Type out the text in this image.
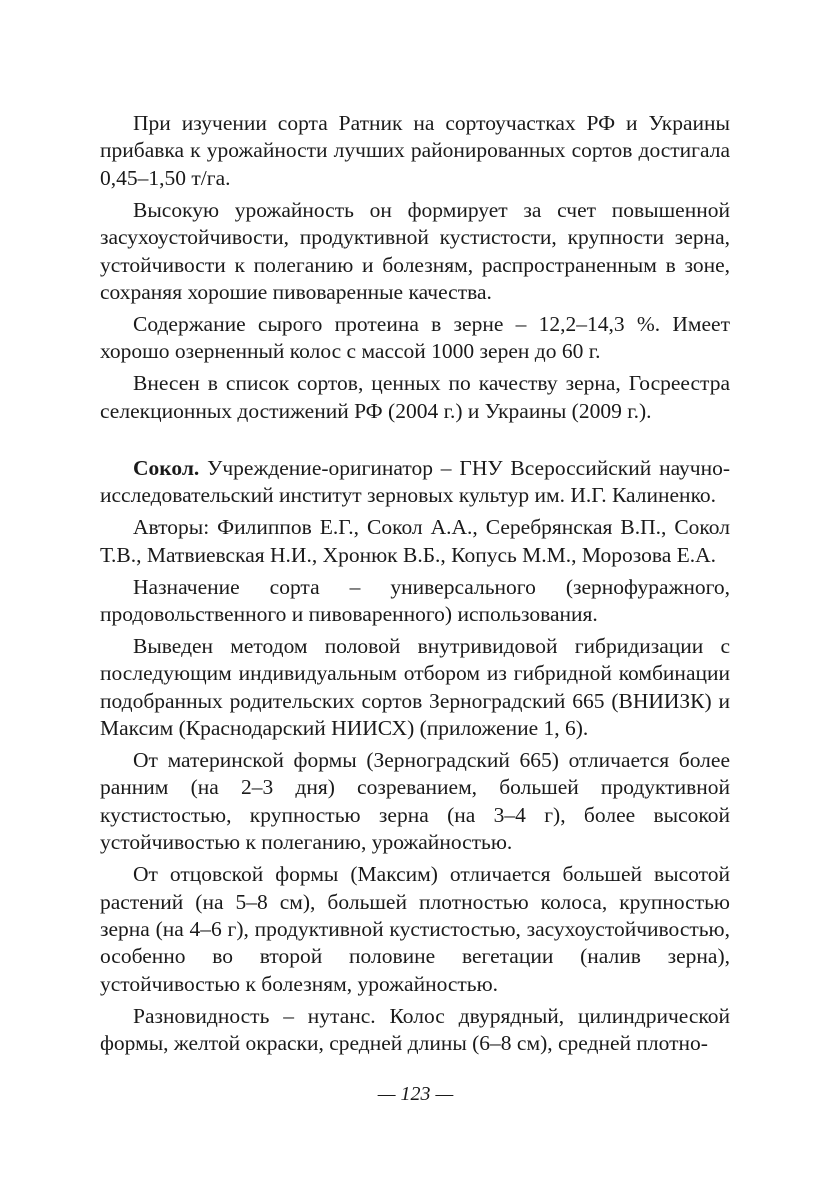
При изучении сорта Ратник на сортоучастках РФ и Украины прибавка к урожайности лучших районированных сортов достигала 0,45–1,50 т/га.

Высокую урожайность он формирует за счет повышенной засухоустойчивости, продуктивной кустистости, крупности зерна, устойчивости к полеганию и болезням, распространенным в зоне, сохраняя хорошие пивоваренные качества.

Содержание сырого протеина в зерне – 12,2–14,3 %. Имеет хорошо озерненный колос с массой 1000 зерен до 60 г.

Внесен в список сортов, ценных по качеству зерна, Госреестра селекционных достижений РФ (2004 г.) и Украины (2009 г.).

Сокол. Учреждение-оригинатор – ГНУ Всероссийский научно-исследовательский институт зерновых культур им. И.Г. Калиненко.

Авторы: Филиппов Е.Г., Сокол А.А., Серебрянская В.П., Сокол Т.В., Матвиевская Н.И., Хронюк В.Б., Копусь М.М., Морозова Е.А.

Назначение сорта – универсального (зернофуражного, продовольственного и пивоваренного) использования.

Выведен методом половой внутривидовой гибридизации с последующим индивидуальным отбором из гибридной комбинации подобранных родительских сортов Зерноградский 665 (ВНИИЗК) и Максим (Краснодарский НИИСХ) (приложение 1, 6).

От материнской формы (Зерноградский 665) отличается более ранним (на 2–3 дня) созреванием, большей продуктивной кустистостью, крупностью зерна (на 3–4 г), более высокой устойчивостью к полеганию, урожайностью.

От отцовской формы (Максим) отличается большей высотой растений (на 5–8 см), большей плотностью колоса, крупностью зерна (на 4–6 г), продуктивной кустистостью, засухоустойчивостью, особенно во второй половине вегетации (налив зерна), устойчивостью к болезням, урожайностью.

Разновидность – нутанс. Колос двурядный, цилиндрической формы, желтой окраски, средней длины (6–8 см), средней плотно-

— 123 —
